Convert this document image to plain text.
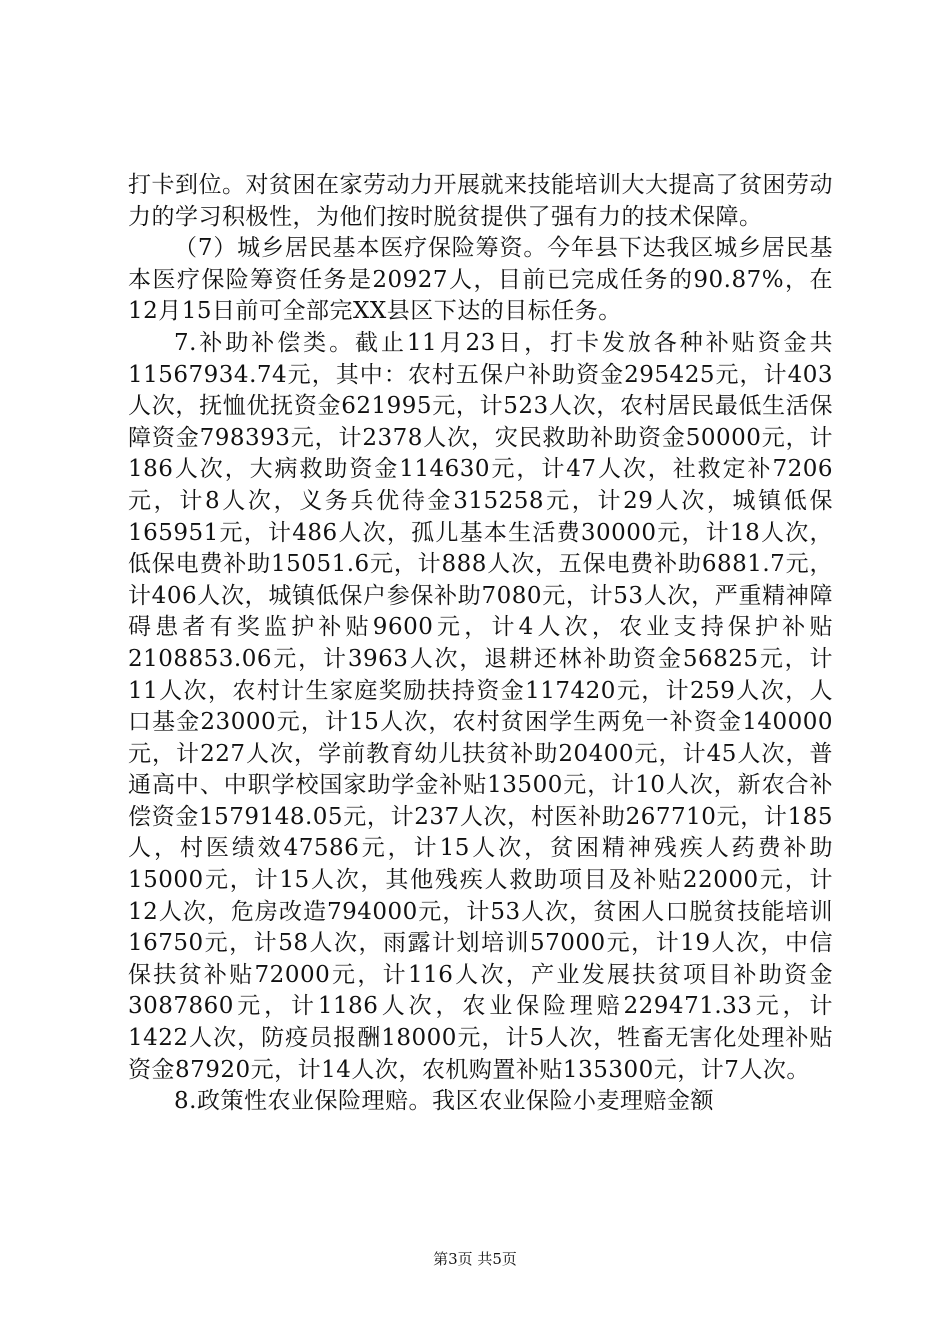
打卡到位。对贫困在家劳动力开展就来技能培训大大提高了贫困劳动力的学习积极性，为他们按时脱贫提供了强有力的技术保障。

（7）城乡居民基本医疗保险筹资。今年县下达我区城乡居民基本医疗保险筹资任务是20927人，目前已完成任务的90.87%，在12月15日前可全部完XX县区下达的目标任务。

7.补助补偿类。截止11月23日，打卡发放各种补贴资金共11567934.74元，其中：农村五保户补助资金295425元，计403人次，抚恤优抚资金621995元，计523人次，农村居民最低生活保障资金798393元，计2378人次，灾民救助补助资金50000元，计186人次，大病救助资金114630元，计47人次，社救定补7206元，计8人次，义务兵优待金315258元，计29人次，城镇低保165951元，计486人次，孤儿基本生活费30000元，计18人次，低保电费补助15051.6元，计888人次，五保电费补助6881.7元，计406人次，城镇低保户参保补助7080元，计53人次，严重精神障碍患者有奖监护补贴9600元，计4人次，农业支持保护补贴2108853.06元，计3963人次，退耕还林补助资金56825元，计11人次，农村计生家庭奖励扶持资金117420元，计259人次，人口基金23000元，计15人次，农村贫困学生两免一补资金140000元，计227人次，学前教育幼儿扶贫补助20400元，计45人次，普通高中、中职学校国家助学金补贴13500元，计10人次，新农合补偿资金1579148.05元，计237人次，村医补助267710元，计185人，村医绩效47586元，计15人次，贫困精神残疾人药费补助15000元，计15人次，其他残疾人救助项目及补贴22000元，计12人次，危房改造794000元，计53人次，贫困人口脱贫技能培训16750元，计58人次，雨露计划培训57000元，计19人次，中信保扶贫补贴72000元，计116人次，产业发展扶贫项目补助资金3087860元，计1186人次，农业保险理赔229471.33元，计1422人次，防疫员报酬18000元，计5人次，牲畜无害化处理补贴资金87920元，计14人次，农机购置补贴135300元，计7人次。

8.政策性农业保险理赔。我区农业保险小麦理赔金额

第3页 共5页
